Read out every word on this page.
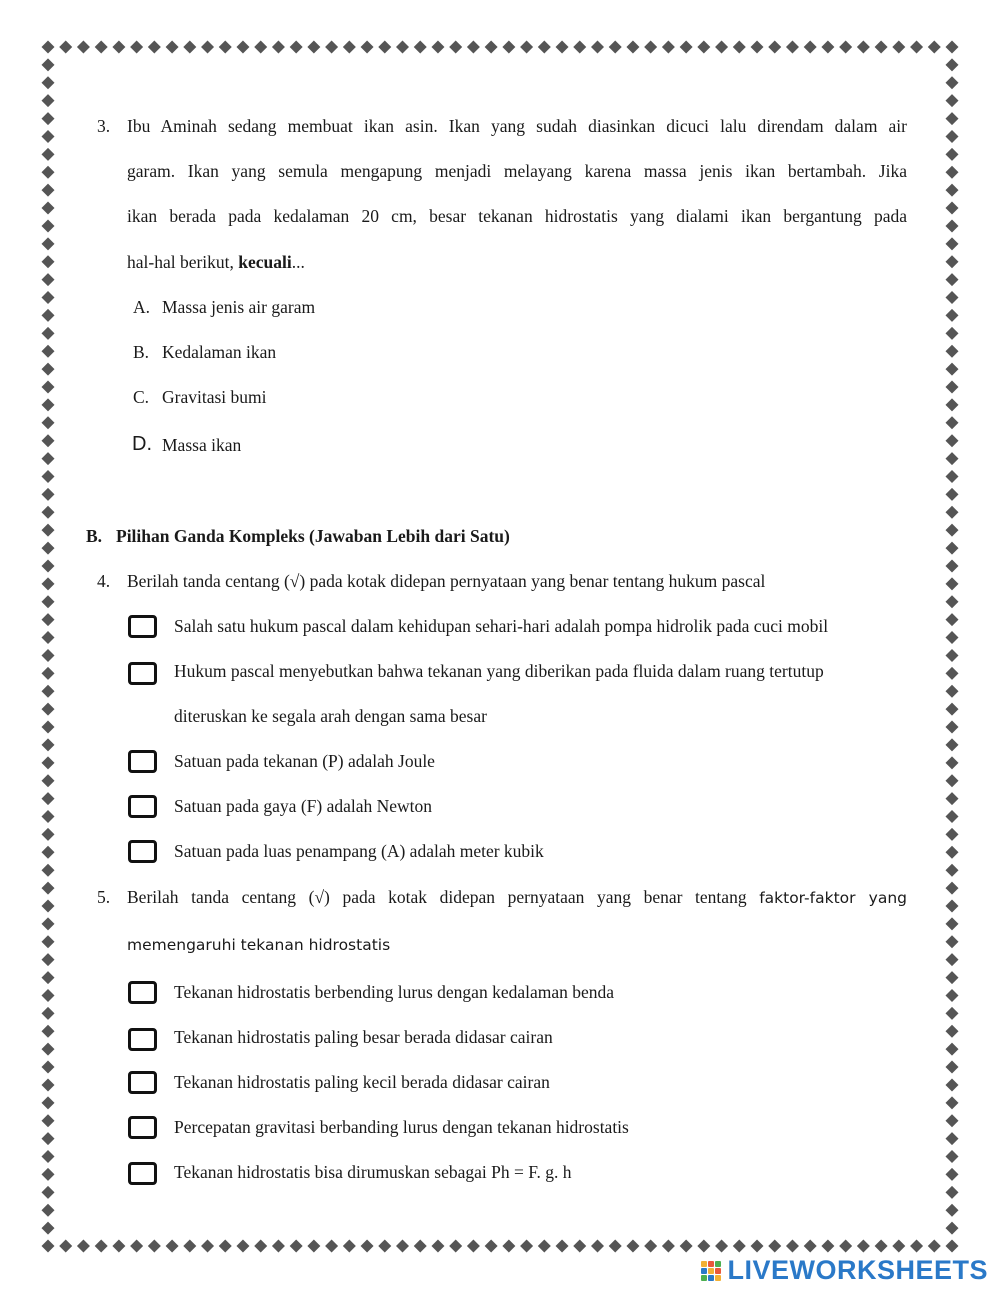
3. Ibu Aminah sedang membuat ikan asin. Ikan yang sudah diasinkan dicuci lalu direndam dalam air
garam. Ikan yang semula mengapung menjadi melayang karena massa jenis ikan bertambah. Jika
ikan berada pada kedalaman 20 cm, besar tekanan hidrostatis yang dialami ikan bergantung pada
hal-hal berikut, kecuali...
A. Massa jenis air garam
B. Kedalaman ikan
C. Gravitasi bumi
D. Massa ikan
B. Pilihan Ganda Kompleks (Jawaban Lebih dari Satu)
4. Berilah tanda centang (√) pada kotak didepan pernyataan yang benar tentang hukum pascal
Salah satu hukum pascal dalam kehidupan sehari-hari adalah pompa hidrolik pada cuci mobil
Hukum pascal menyebutkan bahwa tekanan yang diberikan pada fluida dalam ruang tertutup
diteruskan ke segala arah dengan sama besar
Satuan pada tekanan (P) adalah Joule
Satuan pada gaya (F) adalah Newton
Satuan pada luas penampang (A) adalah meter kubik
5. Berilah tanda centang (√) pada kotak didepan pernyataan yang benar tentang faktor-faktor yang
memengaruhi tekanan hidrostatis
Tekanan hidrostatis berbending lurus dengan kedalaman benda
Tekanan hidrostatis paling besar berada didasar cairan
Tekanan hidrostatis paling kecil berada didasar cairan
Percepatan gravitasi berbanding lurus dengan tekanan hidrostatis
Tekanan hidrostatis bisa dirumuskan sebagai Ph = F. g. h
LIVEWORKSHEETS
